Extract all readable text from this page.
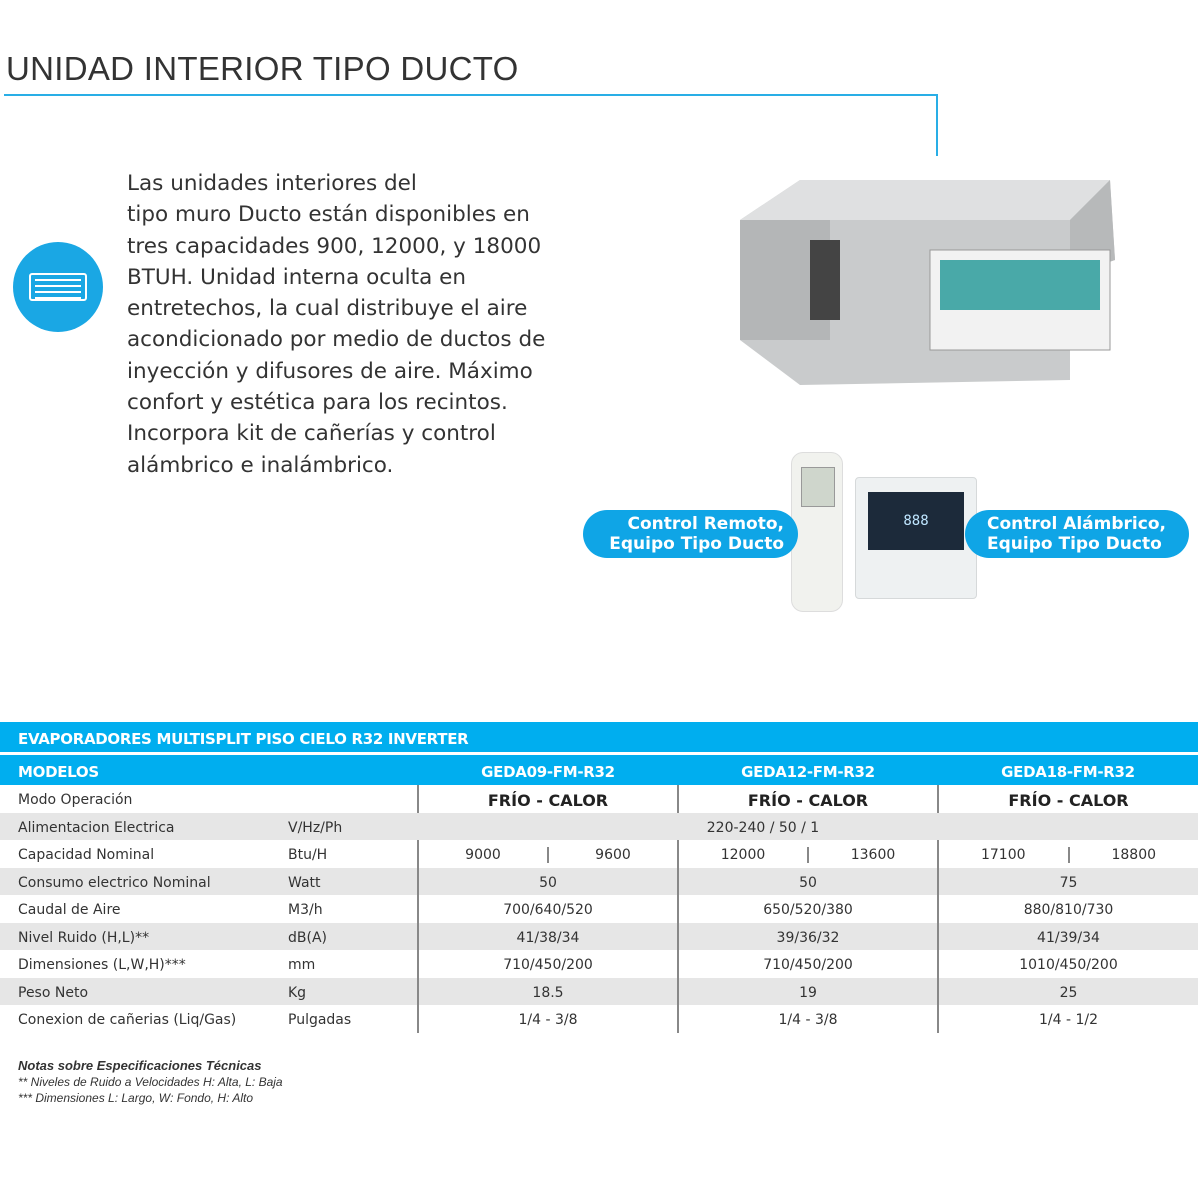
UNIDAD INTERIOR TIPO DUCTO
Las unidades interiores del
tipo muro Ducto están disponibles en
tres capacidades 900, 12000, y 18000
BTUH. Unidad interna oculta en
entretechos, la cual distribuye el aire
acondicionado por medio de ductos de
inyección y difusores de aire. Máximo
confort y estética para los recintos.
Incorpora kit de cañerías y control
alámbrico e inalámbrico.
Control Remoto,
Equipo Tipo Ducto
888	Control Alámbrico,
Equipo Tipo Ducto
EVAPORADORES MULTISPLIT PISO CIELO R32 INVERTER				

MODELOS		GEDA09-FM-R32	GEDA12-FM-R32	GEDA18-FM-R32
Modo Operación		FRÍO - CALOR	FRÍO - CALOR	FRÍO - CALOR
Alimentacion Electrica	V/Hz/Ph	220-240 / 50 / 1		
Capacidad Nominal	Btu/H	9000 9600	12000 13600	17100 18800

Consumo electrico Nominal	Watt	50	50	75
Caudal de Aire	M3/h	700/640/520	650/520/380	880/810/730
Nivel Ruido (H,L)**	dB(A)	41/38/34	39/36/32	41/39/34
Dimensiones (L,W,H)***	mm	710/450/200	710/450/200	1010/450/200
Peso Neto	Kg	18.5	19	25
Conexion de cañerias (Liq/Gas)	Pulgadas	1/4 - 3/8	1/4 - 3/8	1/4 - 1/2
Notas sobre Especificaciones Técnicas
** Niveles de Ruido a Velocidades H: Alta, L: Baja
*** Dimensiones L: Largo, W: Fondo, H: Alto
